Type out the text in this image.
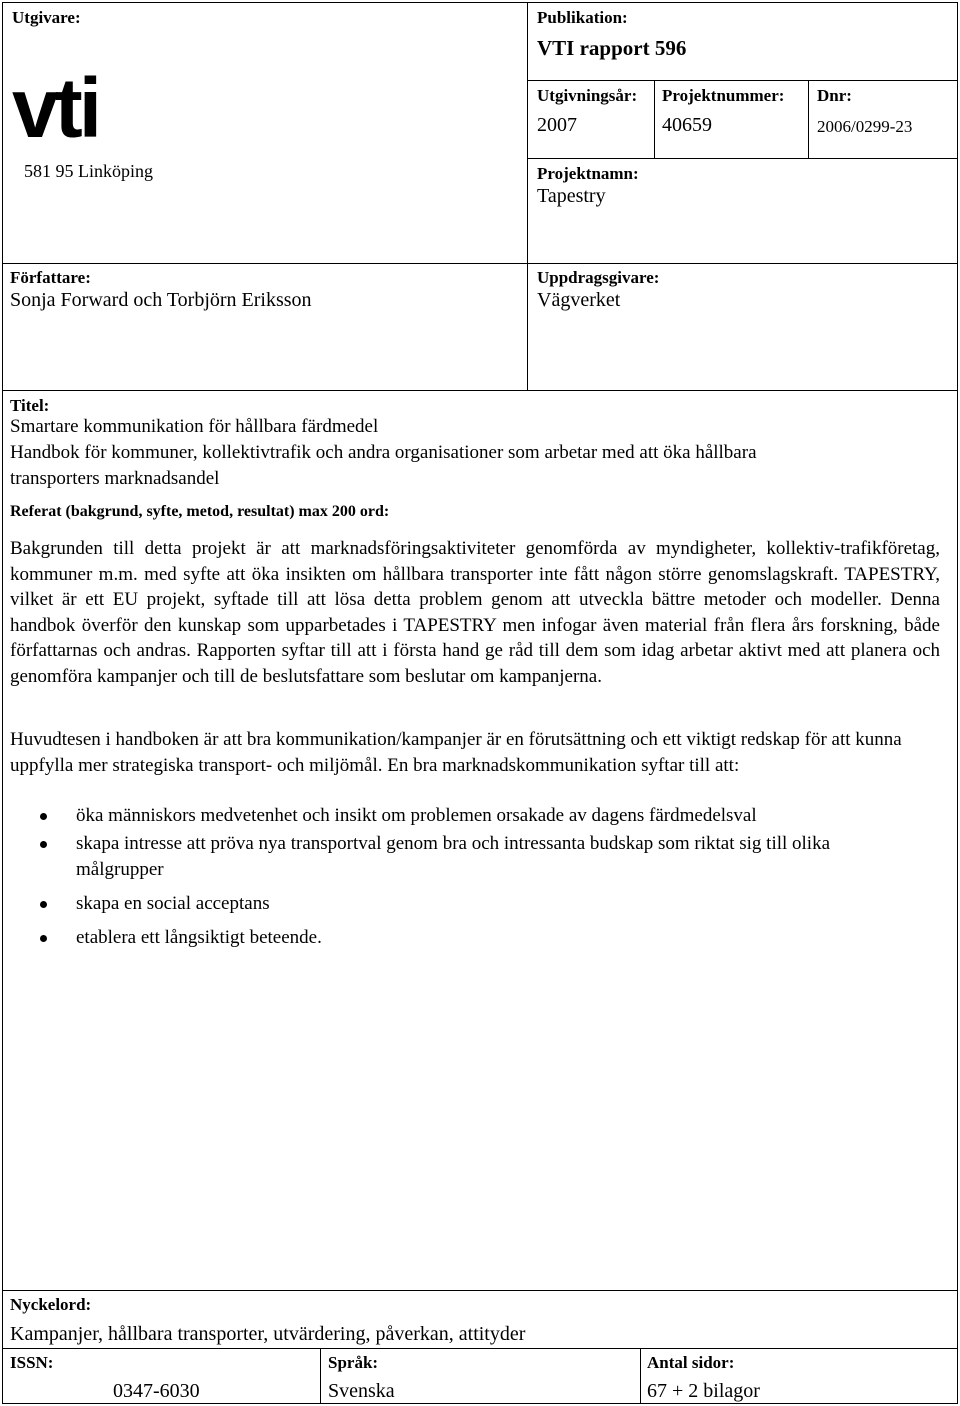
Utgivare:
vti
581 95 Linköping
Publikation:
VTI rapport 596
Utgivningsår:
2007
Projektnummer:
40659
Dnr:
2006/0299-23
Projektnamn:
Tapestry
Författare:
Sonja Forward och Torbjörn Eriksson
Uppdragsgivare:
Vägverket
Titel:
Smartare kommunikation för hållbara färdmedel
Handbok för kommuner, kollektivtrafik och andra organisationer som arbetar med att öka hållbara
transporters marknadsandel
Referat (bakgrund, syfte, metod, resultat) max 200 ord:
Bakgrunden till detta projekt är att marknadsföringsaktiviteter genomförda av myndigheter, kollektiv-trafikföretag, kommuner m.m. med syfte att öka insikten om hållbara transporter inte fått någon större genomslagskraft. TAPESTRY, vilket är ett EU projekt, syftade till att lösa detta problem genom att utveckla bättre metoder och modeller. Denna handbok överför den kunskap som upparbetades i TAPESTRY men infogar även material från flera års forskning, både författarnas och andras. Rapporten syftar till att i första hand ge råd till dem som idag arbetar aktivt med att planera och genomföra kampanjer och till de beslutsfattare som beslutar om kampanjerna.
Huvudtesen i handboken är att bra kommunikation/kampanjer är en förutsättning och ett viktigt redskap för att kunna uppfylla mer strategiska transport- och miljömål. En bra marknadskommunikation syftar till att:
öka människors medvetenhet och insikt om problemen orsakade av dagens färdmedelsval
skapa intresse att pröva nya transportval genom bra och intressanta budskap som riktat sig till olika målgrupper
skapa en social acceptans
etablera ett långsiktigt beteende.
Nyckelord:
Kampanjer, hållbara transporter, utvärdering, påverkan, attityder
ISSN:
0347-6030
Språk:
Svenska
Antal sidor:
67 + 2 bilagor
